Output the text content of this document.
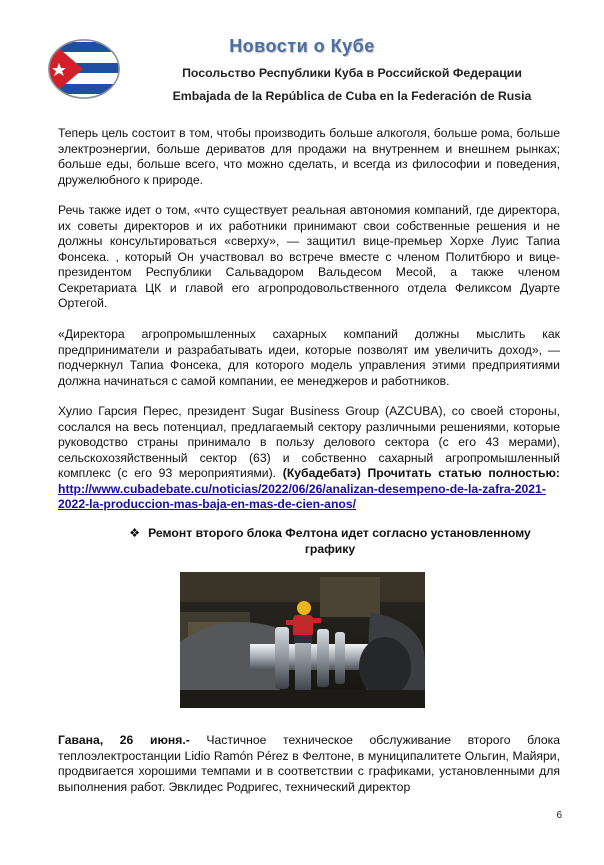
Новости о Кубе
Посольство Республики Куба в Российской Федерации
Embajada de la República de Cuba en la Federación de Rusia

Теперь цель состоит в том, чтобы производить больше алкоголя, больше рома, больше электроэнергии, больше дериватов для продажи на внутреннем и внешнем рынках; больше еды, больше всего, что можно сделать, и всегда из философии и поведения, дружелюбного к природе.

Речь также идет о том, «что существует реальная автономия компаний, где директора, их советы директоров и их работники принимают свои собственные решения и не должны консультироваться «сверху», — защитил вице-премьер Хорхе Луис Тапиа Фонсека. , который Он участвовал во встрече вместе с членом Политбюро и вице-президентом Республики Сальвадором Вальдесом Месой, а также членом Секретариата ЦК и главой его агропродовольственного отдела Феликсом Дуарте Ортегой.

«Директора агропромышленных сахарных компаний должны мыслить как предприниматели и разрабатывать идеи, которые позволят им увеличить доход», — подчеркнул Тапиа Фонсека, для которого модель управления этими предприятиями должна начинаться с самой компании, ее менеджеров и работников.

Хулио Гарсия Перес, президент Sugar Business Group (AZCUBA), со своей стороны, сослался на весь потенциал, предлагаемый сектору различными решениями, которые руководство страны принимало в пользу делового сектора (с его 43 мерами), сельскохозяйственный сектор (63) и собственно сахарный агропромышленный комплекс (с его 93 мероприятиями). (Кубадебатэ) Прочитать статью полностью: http://www.cubadebate.cu/noticias/2022/06/26/analizan-desempeno-de-la-zafra-2021-2022-la-produccion-mas-baja-en-mas-de-cien-anos/

❖ Ремонт второго блока Фелтона идет согласно установленному графику

Гавана, 26 июня.- Частичное техническое обслуживание второго блока теплоэлектростанции Lidio Ramón Pérez в Фелтоне, в муниципалитете Ольгин, Майяри, продвигается хорошими темпами и в соответствии с графиками, установленными для выполнения работ. Эвклидес Родригес, технический директор

6
